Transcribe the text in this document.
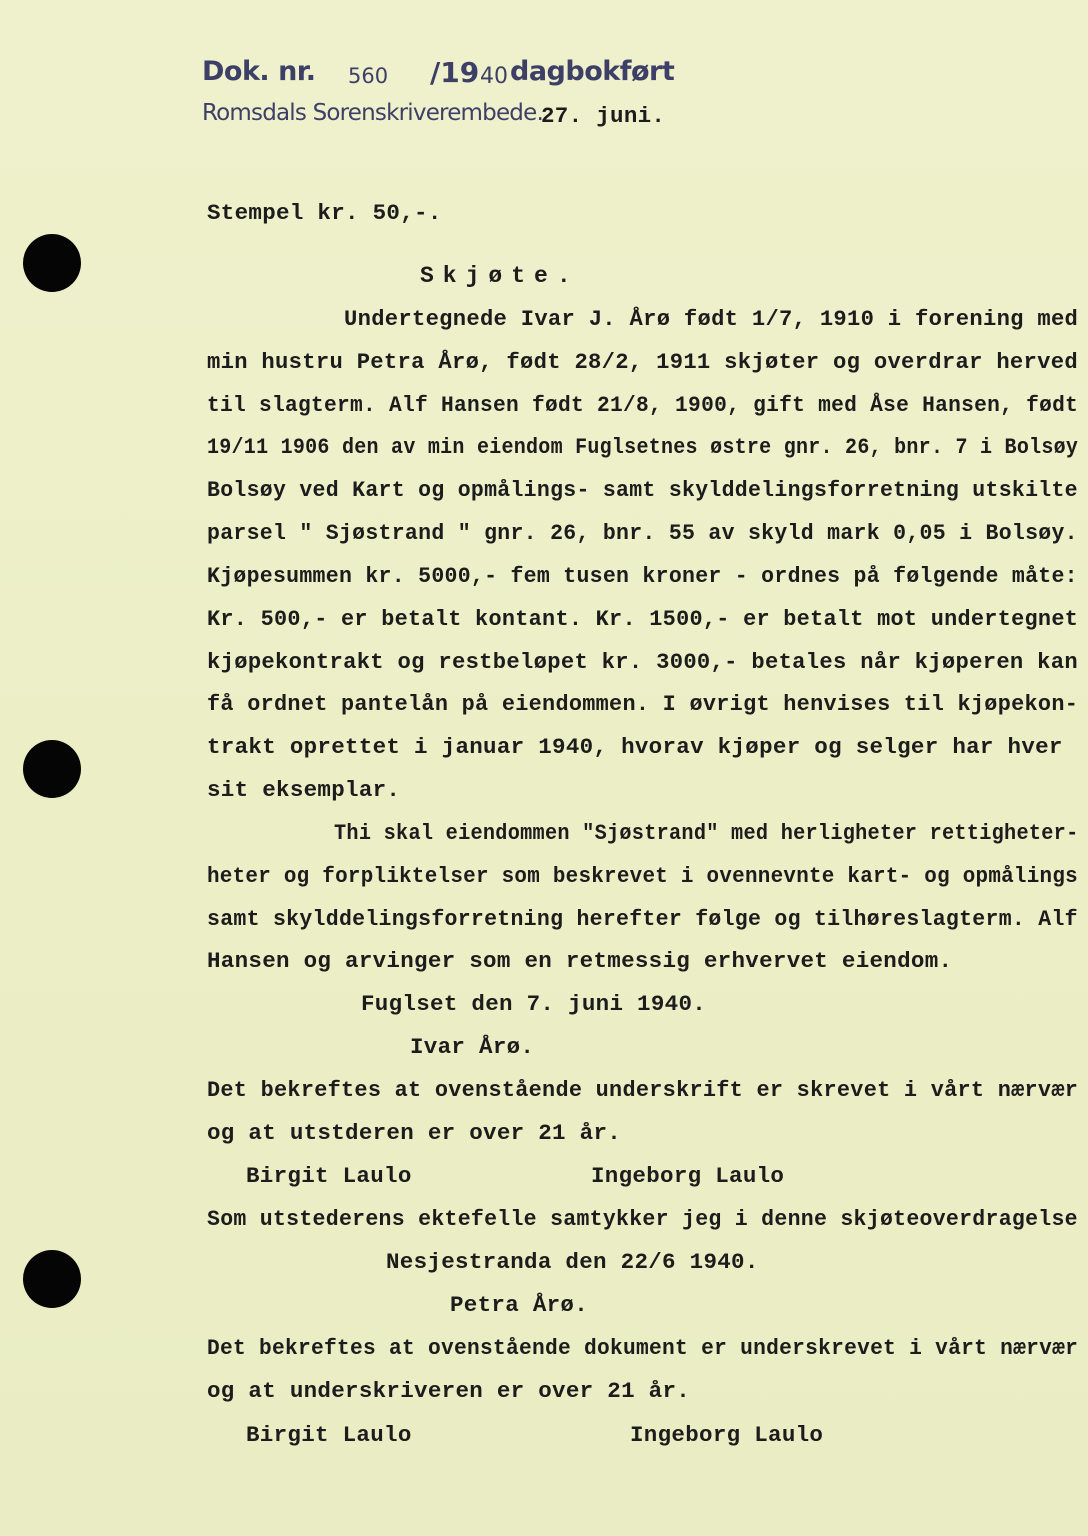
Dok. nr. 560 /19 40 dagbokført
Romsdals Sorenskriverembede.
27. juni.
Stempel kr. 50,-.
Skjøte.
Undertegnede Ivar J. Årø født 1/7, 1910 i forening med
min hustru Petra Årø, født 28/2, 1911 skjøter og overdrar herved
til slagterm. Alf Hansen født 21/8, 1900, gift med Åse Hansen, født
19/11 1906 den av min eiendom Fuglsetnes østre gnr. 26, bnr. 7 i Bolsøy
Bolsøy ved Kart og opmålings- samt skylddelingsforretning utskilte
parsel " Sjøstrand " gnr. 26, bnr. 55 av skyld mark 0,05 i Bolsøy.
Kjøpesummen kr. 5000,- fem tusen kroner - ordnes på følgende måte:
Kr. 500,- er betalt kontant. Kr. 1500,- er betalt mot undertegnet
kjøpekontrakt og restbeløpet kr. 3000,- betales når kjøperen kan
få ordnet pantelån på eiendommen. I øvrigt henvises til kjøpekon-
trakt oprettet i januar 1940, hvorav kjøper og selger har hver
sit eksemplar.
Thi skal eiendommen "Sjøstrand" med herligheter rettigheter-
heter og forpliktelser som beskrevet i ovennevnte kart- og opmålings
samt skylddelingsforretning herefter følge og tilhøreslagterm. Alf
Hansen og arvinger som en retmessig erhvervet eiendom.
Fuglset den 7. juni 1940.
Ivar Årø.
Det bekreftes at ovenstående underskrift er skrevet i vårt nærvær
og at utstderen er over 21 år.
Birgit Laulo	Ingeborg Laulo
Som utstederens ektefelle samtykker jeg i denne skjøteoverdragelse
Nesjestranda den 22/6 1940.
Petra Årø.
Det bekreftes at ovenstående dokument er underskrevet i vårt nærvær
og at underskriveren er over 21 år.
Birgit Laulo	Ingeborg Laulo
